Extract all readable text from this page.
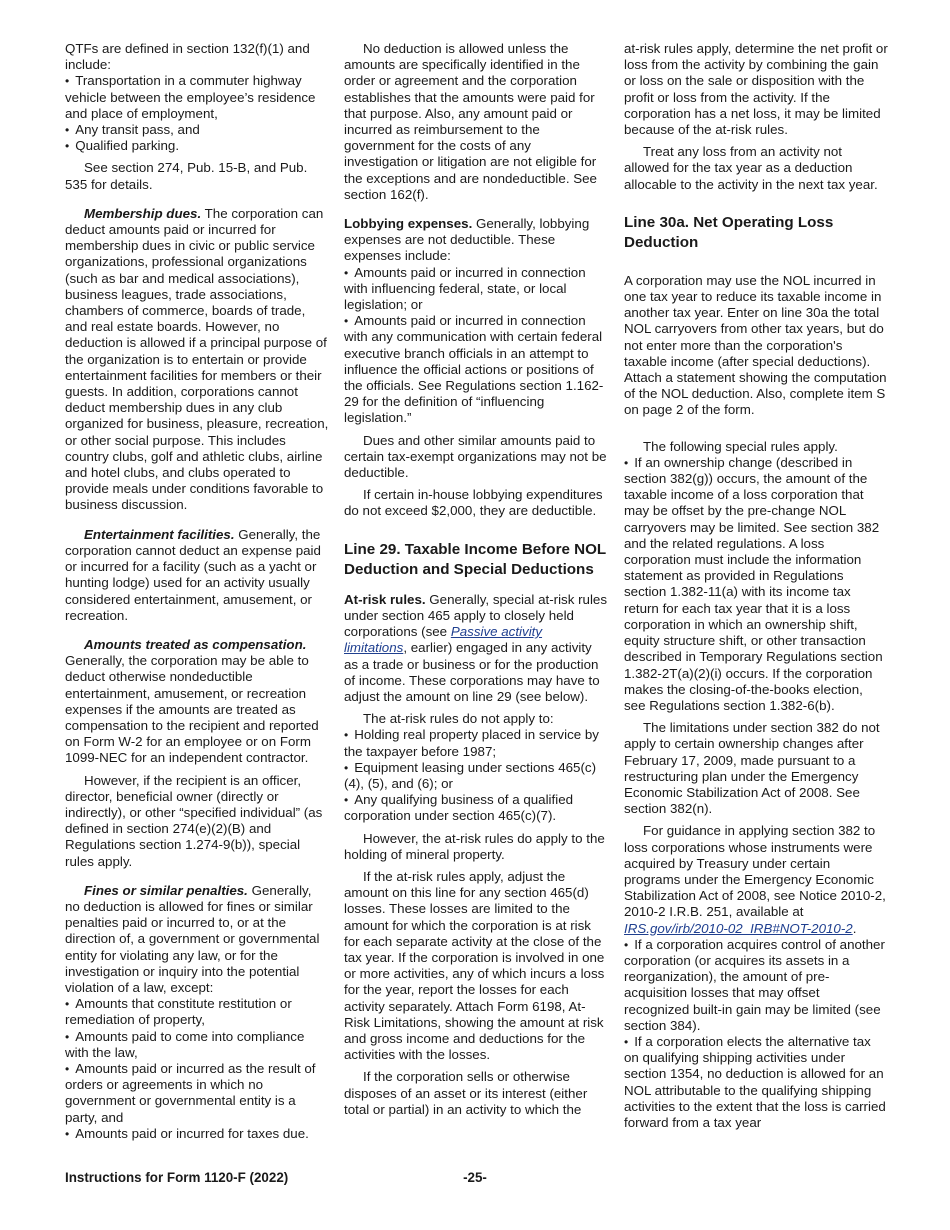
QTFs are defined in section 132(f)(1) and include:

• Transportation in a commuter highway vehicle between the employee’s residence and place of employment,
• Any transit pass, and
• Qualified parking.

See section 274, Pub. 15-B, and Pub. 535 for details.

Membership dues. The corporation can deduct amounts paid or incurred for membership dues in civic or public service organizations, professional organizations (such as bar and medical associations), business leagues, trade associations, chambers of commerce, boards of trade, and real estate boards. However, no deduction is allowed if a principal purpose of the organization is to entertain or provide entertainment facilities for members or their guests. In addition, corporations cannot deduct membership dues in any club organized for business, pleasure, recreation, or other social purpose. This includes country clubs, golf and athletic clubs, airline and hotel clubs, and clubs operated to provide meals under conditions favorable to business discussion.

Entertainment facilities. Generally, the corporation cannot deduct an expense paid or incurred for a facility (such as a yacht or hunting lodge) used for an activity usually considered entertainment, amusement, or recreation.

Amounts treated as compensation. Generally, the corporation may be able to deduct otherwise nondeductible entertainment, amusement, or recreation expenses if the amounts are treated as compensation to the recipient and reported on Form W-2 for an employee or on Form 1099-NEC for an independent contractor.

However, if the recipient is an officer, director, beneficial owner (directly or indirectly), or other “specified individual” (as defined in section 274(e)(2)(B) and Regulations section 1.274-9(b)), special rules apply.

Fines or similar penalties. Generally, no deduction is allowed for fines or similar penalties paid or incurred to, or at the direction of, a government or governmental entity for violating any law, or for the investigation or inquiry into the potential violation of a law, except:

• Amounts that constitute restitution or remediation of property,
• Amounts paid to come into compliance with the law,
• Amounts paid or incurred as the result of orders or agreements in which no government or governmental entity is a party, and
• Amounts paid or incurred for taxes due.

No deduction is allowed unless the amounts are specifically identified in the order or agreement and the corporation establishes that the amounts were paid for that purpose. Also, any amount paid or incurred as reimbursement to the government for the costs of any investigation or litigation are not eligible for the exceptions and are nondeductible. See section 162(f).

Lobbying expenses. Generally, lobbying expenses are not deductible. These expenses include:

• Amounts paid or incurred in connection with influencing federal, state, or local legislation; or
• Amounts paid or incurred in connection with any communication with certain federal executive branch officials in an attempt to influence the official actions or positions of the officials. See Regulations section 1.162-29 for the definition of “influencing legislation.”

Dues and other similar amounts paid to certain tax-exempt organizations may not be deductible.

If certain in-house lobbying expenditures do not exceed $2,000, they are deductible.

Line 29. Taxable Income Before NOL Deduction and Special Deductions

At-risk rules. Generally, special at-risk rules under section 465 apply to closely held corporations (see Passive activity limitations, earlier) engaged in any activity as a trade or business or for the production of income. These corporations may have to adjust the amount on line 29 (see below).

The at-risk rules do not apply to:

• Holding real property placed in service by the taxpayer before 1987;
• Equipment leasing under sections 465(c)(4), (5), and (6); or
• Any qualifying business of a qualified corporation under section 465(c)(7).

However, the at-risk rules do apply to the holding of mineral property.

If the at-risk rules apply, adjust the amount on this line for any section 465(d) losses. These losses are limited to the amount for which the corporation is at risk for each separate activity at the close of the tax year. If the corporation is involved in one or more activities, any of which incurs a loss for the year, report the losses for each activity separately. Attach Form 6198, At-Risk Limitations, showing the amount at risk and gross income and deductions for the activities with the losses.

If the corporation sells or otherwise disposes of an asset or its interest (either total or partial) in an activity to which the

at-risk rules apply, determine the net profit or loss from the activity by combining the gain or loss on the sale or disposition with the profit or loss from the activity. If the corporation has a net loss, it may be limited because of the at-risk rules.

Treat any loss from an activity not allowed for the tax year as a deduction allocable to the activity in the next tax year.

Line 30a. Net Operating Loss Deduction

A corporation may use the NOL incurred in one tax year to reduce its taxable income in another tax year. Enter on line 30a the total NOL carryovers from other tax years, but do not enter more than the corporation's taxable income (after special deductions). Attach a statement showing the computation of the NOL deduction. Also, complete item S on page 2 of the form.

The following special rules apply.

• If an ownership change (described in section 382(g)) occurs, the amount of the taxable income of a loss corporation that may be offset by the pre-change NOL carryovers may be limited. See section 382 and the related regulations. A loss corporation must include the information statement as provided in Regulations section 1.382-11(a) with its income tax return for each tax year that it is a loss corporation in which an ownership shift, equity structure shift, or other transaction described in Temporary Regulations section 1.382-2T(a)(2)(i) occurs. If the corporation makes the closing-of-the-books election, see Regulations section 1.382-6(b).

The limitations under section 382 do not apply to certain ownership changes after February 17, 2009, made pursuant to a restructuring plan under the Emergency Economic Stabilization Act of 2008. See section 382(n).

For guidance in applying section 382 to loss corporations whose instruments were acquired by Treasury under certain programs under the Emergency Economic Stabilization Act of 2008, see Notice 2010-2, 2010-2 I.R.B. 251, available at IRS.gov/irb/2010-02_IRB#NOT-2010-2.

• If a corporation acquires control of another corporation (or acquires its assets in a reorganization), the amount of pre-acquisition losses that may offset recognized built-in gain may be limited (see section 384).
• If a corporation elects the alternative tax on qualifying shipping activities under section 1354, no deduction is allowed for an NOL attributable to the qualifying shipping activities to the extent that the loss is carried forward from a tax year
Instructions for Form 1120-F (2022)	-25-
